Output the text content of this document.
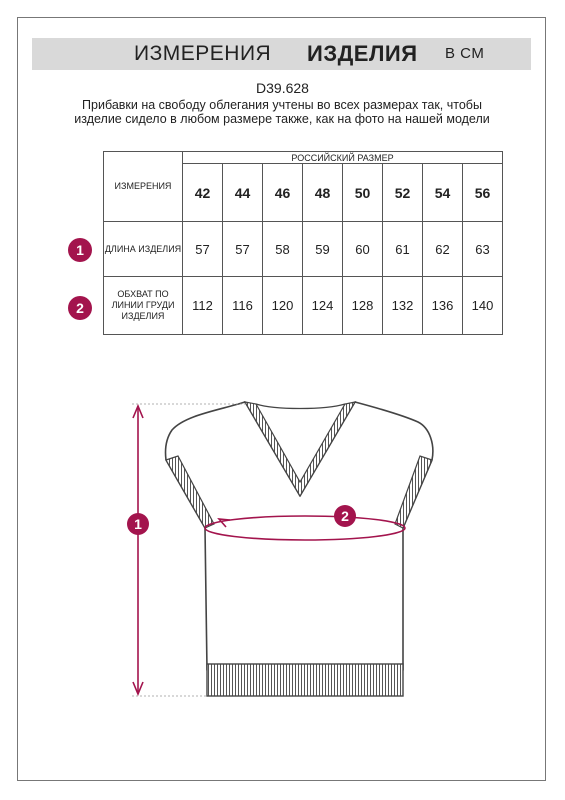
ИЗМЕРЕНИЯ ИЗДЕЛИЯ В СМ
D39.628
Прибавки на свободу облегания учтены во всех размерах так, чтобы изделие сидело в любом размере также, как на фото на нашей модели
ИЗМЕРЕНИЯ	РОССИЙСКИЙ РАЗМЕР							
	42	44	46	48	50	52	54	56
ДЛИНА ИЗДЕЛИЯ	57	57	58	59	60	61	62	63
ОБХВАТ ПО ЛИНИИ ГРУДИ ИЗДЕЛИЯ	112	116	120	124	128	132	136	140
1
2
1	2
